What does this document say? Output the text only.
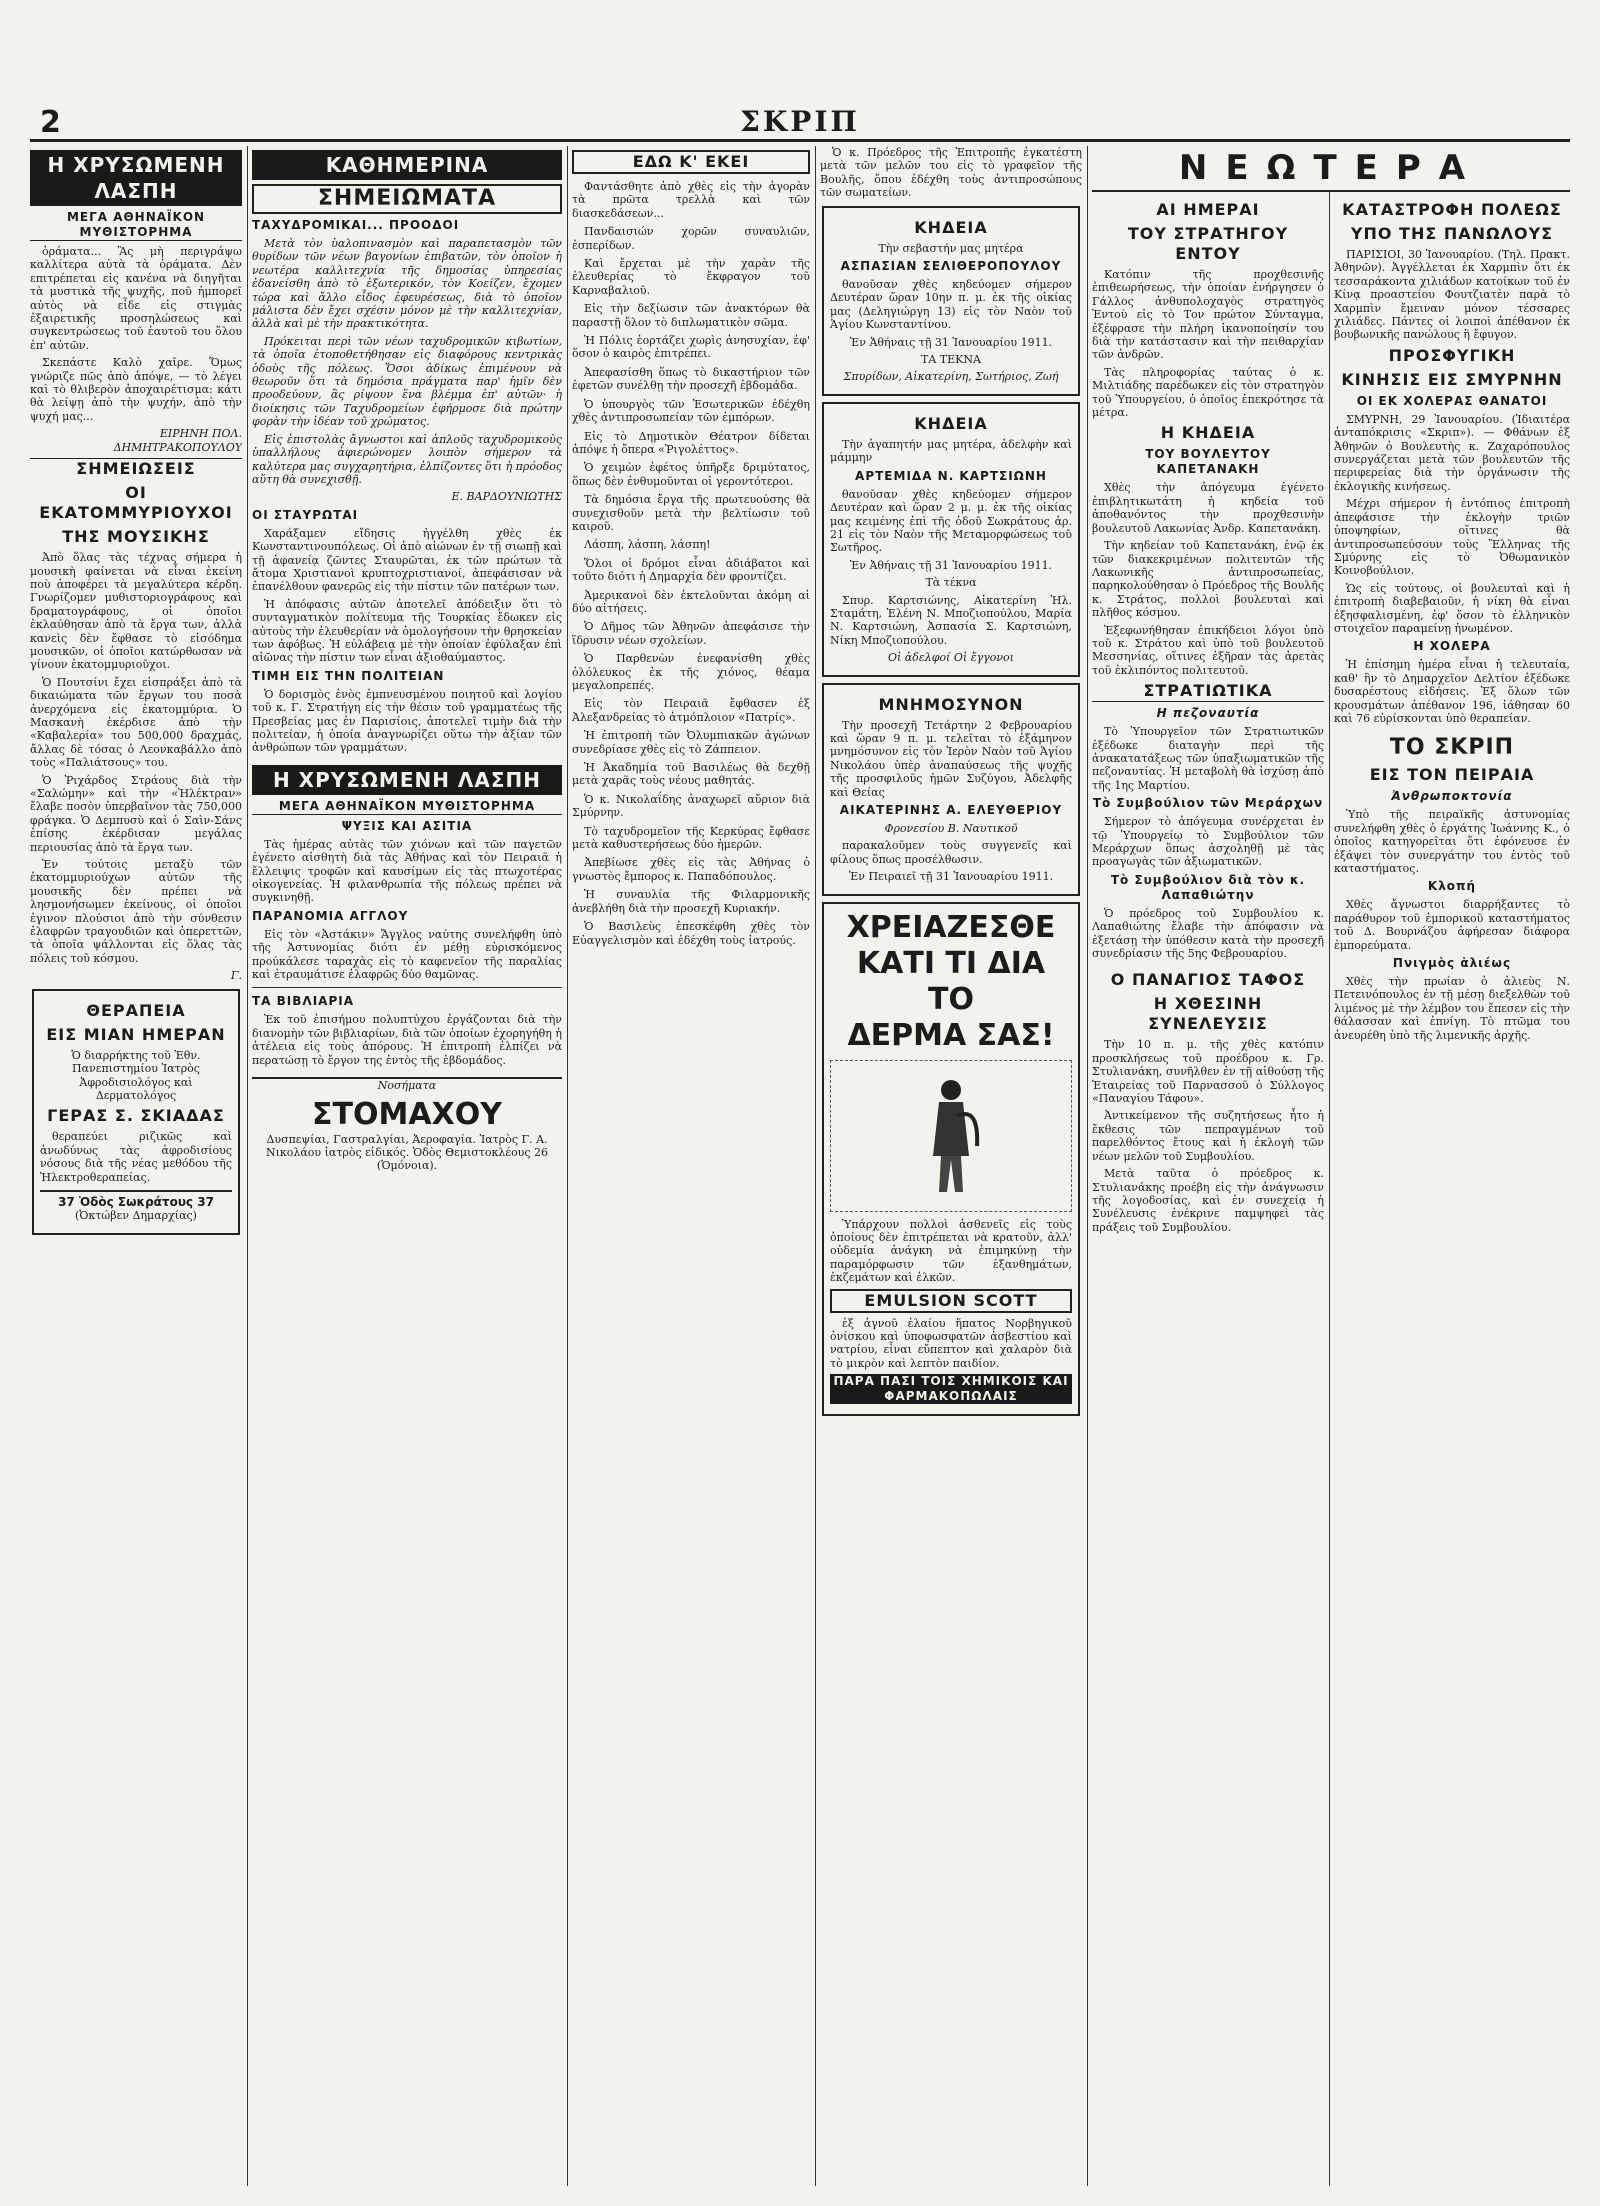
2	ΣΚΡΙΠ
Η ΧΡΥΣΩΜΕΝΗ ΛΑΣΠΗ
ΜΕΓΑ ΑΘΗΝΑΪΚΟΝ ΜΥΘΙΣΤΟΡΗΜΑ

ὁράματα... Ἂς μὴ περιγράψω καλλίτερα αὐτὰ τὰ ὁράματα. Δὲν επιτρέπεται εἰς κανένα νὰ διηγῆται τὰ μυστικὰ τῆς ψυχῆς, ποῦ ἠμπορεῖ αὐτὸς νὰ εἶδε εἰς στιγμὰς ἐξαιρετικῆς προσηλώσεως καὶ συγκεντρώσεως τοῦ ἑαυτοῦ του ὅλου ἐπ' αὐτῶν.

Σκεπάστε Καλὸ χαῖρε. Ὅμως γνώριζε πῶς ἀπὸ ἀπόψε, — τὸ λέγει καὶ τὸ θλιβερὸν ἀποχαιρέτισμα: κάτι θὰ λείψῃ ἀπὸ τὴν ψυχήν, ἀπὸ τὴν ψυχή μας...

ΕΙΡΗΝΗ ΠΟΛ. ΔΗΜΗΤΡΑΚΟΠΟΥΛΟΥ

ΣΗΜΕΙΩΣΕΙΣ
ΟΙ ΕΚΑΤΟΜΜΥΡΙΟΥΧΟΙ
ΤΗΣ ΜΟΥΣΙΚΗΣ

Ἀπὸ ὅλας τὰς τέχνας σήμερα ἡ μουσικὴ φαίνεται νὰ εἶναι ἐκείνη ποὺ ἀποφέρει τὰ μεγαλύτερα κέρδη. Γνωρίζομεν μυθιστοριογράφους καὶ δραματογράφους, οἱ ὁποῖοι ἐκλαύθησαν ἀπὸ τὰ ἔργα των, ἀλλὰ κανεὶς δὲν ἔφθασε τὸ εἰσόδημα μουσικῶν, οἱ ὁποῖοι κατώρθωσαν νὰ γίνουν ἑκατομμυριοῦχοι.

Ὁ Πουτσίνι ἔχει εἰσπράξει ἀπὸ τὰ δικαιώματα τῶν ἔργων του ποσὰ ἀνερχόμενα εἰς ἑκατομμύρια. Ὁ Μασκανὴ ἐκέρδισε ἀπὸ τὴν «Καβαλερία» του 500,000 δραχμάς, ἄλλας δὲ τόσας ὁ Λεονκαβάλλο ἀπὸ τοὺς «Παλιάτσους» του.

Ὁ Ῥιχάρδος Στράους διὰ τὴν «Σαλώμην» καὶ τὴν «Ἠλέκτραν» ἔλαβε ποσὸν ὑπερβαῖνον τὰς 750,000 φράγκα. Ὁ Δεμπυσὺ καὶ ὁ Σαὶν-Σάνς ἐπίσης ἐκέρδισαν μεγάλας περιουσίας ἀπὸ τὰ ἔργα των.

Ἐν τούτοις μεταξὺ τῶν ἐκατομμυριούχων αὐτῶν τῆς μουσικῆς δὲν πρέπει νὰ λησμονήσωμεν ἐκείνους, οἱ ὁποῖοι ἐγινον πλούσιοι ἀπὸ τὴν σύνθεσιν ἐλαφρῶν τραγουδιῶν καὶ ὀπερεττῶν, τὰ ὁποῖα ψάλλονται εἰς ὅλας τὰς πόλεις τοῦ κόσμου.

Γ.

ΘΕΡΑΠΕΙΑ
ΕΙΣ ΜΙΑΝ ΗΜΕΡΑΝ

Ὁ διαρρήκτης τοῦ Ἐθν. Πανεπιστημίου Ἰατρὸς Ἀφροδισιολόγος καὶ Δερματολόγος

ΓΕΡΑΣ Σ. ΣΚΙΑΔΑΣ

θεραπεύει ριζικῶς καὶ ἀνωδύνως τὰς ἀφροδισίους νόσους διὰ τῆς νέας μεθόδου τῆς Ἠλεκτροθεραπείας.

37 Ὁδὸς Σωκράτους 37

(Ὀκτώβεν Δημαρχίας)

ΚΑΘΗΜΕΡΙΝΑ
ΣΗΜΕΙΩΜΑΤΑ
ΤΑΧΥΔΡΟΜΙΚΑΙ... ΠΡΟΟΔΟΙ

Μετὰ τὸν ὑαλοπινασμὸν καὶ παραπετασμὸν τῶν θυρίδων τῶν νέων βαγονίων ἐπιβατῶν, τὸν ὁποῖον ἡ νεωτέρα καλλιτεχνία τῆς δημοσίας ὑπηρεσίας ἐδανείσθη ἀπὸ τὸ ἐξωτερικόν, τὸν Κοείζεν, ἔχομεν τώρα καὶ ἄλλο εἶδος ἐφευρέσεως, διὰ τὸ ὁποῖον μάλιστα δὲν ἔχει σχέσιν μόνον μὲ τὴν καλλιτεχνίαν, ἀλλὰ καὶ μὲ τὴν πρακτικότητα.

Πρόκειται περὶ τῶν νέων ταχυδρομικῶν κιβωτίων, τὰ ὁποῖα ἐτοποθετήθησαν εἰς διαφόρους κεντρικὰς ὁδοὺς τῆς πόλεως. Ὅσοι ἀδίκως ἐπιμένουν νὰ θεωροῦν ὅτι τὰ δημόσια πράγματα παρ' ἡμῖν δὲν προοδεύουν, ἂς ρίψουν ἕνα βλέμμα ἐπ' αὐτῶν· ἡ διοίκησις τῶν Ταχυδρομείων ἐφήρμοσε διὰ πρώτην φορὰν τὴν ἰδέαν τοῦ χρώματος.

Εἰς ἐπιστολὰς ἄγνωστοι καὶ ἁπλοῦς ταχυδρομικοὺς ὑπαλλήλους ἀφιερώνομεν λοιπὸν σήμερον τὰ καλύτερα μας συγχαρητήρια, ἐλπίζοντες ὅτι ἡ πρόοδος αὕτη θὰ συνεχισθῇ.

Ε. ΒΑΡΔΟΥΝΙΩΤΗΣ

ΟΙ ΣΤΑΥΡΩΤΑΙ

Χαράξαμεν εἴδησις ἠγγέλθη χθὲς ἐκ Κωνσταντινουπόλεως. Οἱ ἀπὸ αἰώνων ἐν τῇ σιωπῇ καὶ τῇ ἀφανείᾳ ζῶντες Σταυρῶται, ἐκ τῶν πρώτων τὰ ἄτομα Χριστιανοὶ κρυπτοχριστιανοί, ἀπεφάσισαν νὰ ἐπανέλθουν φανερῶς εἰς τὴν πίστιν τῶν πατέρων των.

Ἡ ἀπόφασις αὐτῶν ἀποτελεῖ ἀπόδειξιν ὅτι τὸ συνταγματικὸν πολίτευμα τῆς Τουρκίας ἔδωκεν εἰς αὐτοὺς τὴν ἐλευθερίαν νὰ ὁμολογήσουν τὴν θρησκείαν των ἀφόβως. Ἡ εὐλάβεια μὲ τὴν ὁποίαν ἐφύλαξαν ἐπὶ αἰῶνας τὴν πίστιν των εἶναι ἀξιοθαύμαστος.

ΤΙΜΗ ΕΙΣ ΤΗΝ ΠΟΛΙΤΕΙΑΝ

Ὁ δορισμὸς ἑνὸς ἐμπνευσμένου ποιητοῦ καὶ λογίου τοῦ κ. Γ. Στρατήγη εἰς τὴν θέσιν τοῦ γραμματέως τῆς Πρεσβείας μας ἐν Παρισίοις, ἀποτελεῖ τιμὴν διὰ τὴν πολιτείαν, ἡ ὁποία ἀναγνωρίζει οὕτω τὴν ἀξίαν τῶν ἀνθρώπων τῶν γραμμάτων.

Η ΧΡΥΣΩΜΕΝΗ ΛΑΣΠΗ
ΜΕΓΑ ΑΘΗΝΑΪΚΟΝ ΜΥΘΙΣΤΟΡΗΜΑ
ΨΥΞΙΣ ΚΑΙ ΑΣΙΤΙΑ

Τὰς ἡμέρας αὐτὰς τῶν χιόνων καὶ τῶν παγετῶν ἐγένετο αἰσθητὴ διὰ τὰς Ἀθήνας καὶ τὸν Πειραιᾶ ἡ ἔλλειψις τροφῶν καὶ καυσίμων εἰς τὰς πτωχοτέρας οἰκογενείας. Ἡ φιλανθρωπία τῆς πόλεως πρέπει νὰ συγκινηθῇ.

ΠΑΡΑΝΟΜΙΑ ΑΓΓΛΟΥ

Εἰς τὸν «Ἀστάκιν» Ἄγγλος ναύτης συνελήφθη ὑπὸ τῆς Ἀστυνομίας διότι ἐν μέθῃ εὑρισκόμενος προύκάλεσε ταραχὰς εἰς τὸ καφενεῖον τῆς παραλίας καὶ ἐτραυμάτισε ἐλαφρῶς δύο θαμῶνας.

ΤΑ ΒΙΒΛΙΑΡΙΑ

Ἐκ τοῦ ἐπισήμου πολυπτύχου ἐργάζονται διὰ τὴν διανομὴν τῶν βιβλιαρίων, διὰ τῶν ὁποίων ἐχορηγήθη ἡ ἀτέλεια εἰς τοὺς ἀπόρους. Ἡ ἐπιτροπὴ ἐλπίζει νὰ περατώσῃ τὸ ἔργον της ἐντὸς τῆς ἑβδομάδος.

Νοσήματα

ΣΤΟΜΑΧΟΥ

Δυσπεψίαι, Γαστραλγίαι, Ἀερoφαγία. Ἰατρὸς Γ. Α. Νικολάου ἰατρὸς εἰδικός. Ὁδὸς Θεμιστοκλέους 26 (Ὁμόνοια).

ΕΔΩ Κ' ΕΚΕΙ

Φαντάσθητε ἀπὸ χθὲς εἰς τὴν ἀγορὰν τὰ πρῶτα τρελλὰ καὶ τῶν διασκεδάσεων...

Πανδαισιών χορῶν συναυλιῶν, ἐσπερίδων.

Καὶ ἔρχεται μὲ τὴν χαρὰν τῆς ἐλευθερίας τὸ ἔκφραγον τοῦ Καρναβαλιοῦ.

Εἰς τὴν δεξίωσιν τῶν ἀνακτόρων θὰ παραστῇ ὅλον τὸ διπλωματικὸν σῶμα.

Ἡ Πόλις ἑορτάζει χωρὶς ἀνησυχίαν, ἐφ' ὅσον ὁ καιρὸς ἐπιτρέπει.

Ἀπεφασίσθη ὅπως τὸ δικαστήριον τῶν ἐφετῶν συνέλθῃ τὴν προσεχῆ ἑβδομάδα.

Ὁ ὑπουργὸς τῶν Ἐσωτερικῶν ἐδέχθη χθὲς ἀντιπροσωπείαν τῶν ἐμπόρων.

Εἰς τὸ Δημοτικὸν Θέατρον δίδεται ἀπόψε ἡ ὄπερα «Ῥιγολέττος».

Ὁ χειμὼν ἐφέτος ὑπῆρξε δριμύτατος, ὅπως δὲν ἐνθυμοῦνται οἱ γεροντότεροι.

Τὰ δημόσια ἔργα τῆς πρωτευούσης θὰ συνεχισθοῦν μετὰ τὴν βελτίωσιν τοῦ καιροῦ.

Λάσπη, λάσπη, λάσπη!

Ὅλοι οἱ δρόμοι εἶναι ἀδιάβατοι καὶ τοῦτο διότι ἡ Δημαρχία δὲν φροντίζει.

Ἀμερικανοὶ δὲν ἐκτελοῦνται ἀκόμη αἱ δύο αἰτήσεις.

Ὁ Δῆμος τῶν Ἀθηνῶν ἀπεφάσισε τὴν ἵδρυσιν νέων σχολείων.

Ὁ Παρθενὼν ἐνεφανίσθη χθὲς ὁλόλευκος ἐκ τῆς χιόνος, θέαμα μεγαλοπρεπές.

Εἰς τὸν Πειραιᾶ ἔφθασεν ἐξ Ἀλεξανδρείας τὸ ἀτμόπλοιον «Πατρίς».

Ἡ ἐπιτροπὴ τῶν Ὀλυμπιακῶν ἀγώνων συνεδρίασε χθὲς εἰς τὸ Ζάππειον.

Ἡ Ἀκαδημία τοῦ Βασιλέως θὰ δεχθῇ μετὰ χαρᾶς τοὺς νέους μαθητάς.

Ὁ κ. Νικολαΐδης ἀναχωρεῖ αὔριον διὰ Σμύρνην.

Τὸ ταχυδρομεῖον τῆς Κερκύρας ἔφθασε μετὰ καθυστερήσεως δύο ἡμερῶν.

Ἀπεβίωσε χθὲς εἰς τὰς Ἀθήνας ὁ γνωστὸς ἔμπορος κ. Παπαδόπουλος.

Ἡ συναυλία τῆς Φιλαρμονικῆς ἀνεβλήθη διὰ τὴν προσεχῆ Κυριακήν.

Ὁ Βασιλεὺς ἐπεσκέφθη χθὲς τὸν Εὐαγγελισμὸν καὶ ἐδέχθη τοὺς ἰατρούς.

Ὁ κ. Πρόεδρος τῆς Ἐπιτροπῆς ἐγκατέστη μετὰ τῶν μελῶν του εἰς τὸ γραφεῖον τῆς Βουλῆς, ὅπου ἐδέχθη τοὺς ἀντιπροσώπους τῶν σωματείων.

ΚΗΔΕΙΑ

Τὴν σεβαστήν μας μητέρα

ΑΣΠΑΣΙΑΝ ΣΕΛΙΘΕΡΟΠΟΥΛΟΥ

θανοῦσαν χθὲς κηδεύομεν σήμερον Δευτέραν ὥραν 10ην π. μ. ἐκ τῆς οἰκίας μας (Δεληγιώργη 13) εἰς τὸν Ναὸν τοῦ Ἁγίου Κωνσταντίνου.

Ἐν Ἀθήναις τῇ 31 Ἰανουαρίου 1911.

ΤΑ ΤΕΚΝΑ

Σπυρίδων, Αἰκατερίνη, Σωτήριος, Ζωή

ΚΗΔΕΙΑ

Τὴν ἀγαπητήν μας μητέρα, ἀδελφὴν καὶ μάμμην

ΑΡΤΕΜΙΔΑ Ν. ΚΑΡΤΣΙΩΝΗ

θανοῦσαν χθὲς κηδεύομεν σήμερον Δευτέραν καὶ ὥραν 2 μ. μ. ἐκ τῆς οἰκίας μας κειμένης ἐπὶ τῆς ὁδοῦ Σωκράτους ἀρ. 21 εἰς τὸν Ναὸν τῆς Μεταμορφώσεως τοῦ Σωτῆρος.

Ἐν Ἀθήναις τῇ 31 Ἰανουαρίου 1911.

Τὰ τέκνα

Σπυρ. Καρτσιώνης, Αἰκατερίνη Ἠλ. Σταμάτη, Ἑλένη Ν. Μποζιοπούλου, Μαρία Ν. Καρτσιώνη, Ἀσπασία Σ. Καρτσιώνη, Νίκη Μποζιοπούλου.

Οἱ ἀδελφοί Οἱ ἔγγονοι

ΜΝΗΜΟΣΥΝΟΝ

Τὴν προσεχῆ Τετάρτην 2 Φεβρουαρίου καὶ ὥραν 9 π. μ. τελεῖται τὸ ἑξάμηνον μνημόσυνον εἰς τὸν Ἱερὸν Ναὸν τοῦ Ἁγίου Νικολάου ὑπὲρ ἀναπαύσεως τῆς ψυχῆς τῆς προσφιλοῦς ἡμῶν Συζύγου, Ἀδελφῆς καὶ Θείας

ΑΙΚΑΤΕΡΙΝΗΣ Α. ΕΛΕΥΘΕΡΙΟΥ

Φρονεσίου Β. Ναυτικοῦ

παρακαλοῦμεν τοὺς συγγενεῖς καὶ φίλους ὅπως προσέλθωσιν.

Ἐν Πειραιεῖ τῇ 31 Ἰανουαρίου 1911.

ΧΡΕΙΑΖΕΣΘΕ
ΚΑΤΙ ΤΙ ΔΙΑ ΤΟ
ΔΕΡΜΑ ΣΑΣ!

Ὑπάρχουν πολλοὶ ἀσθενεῖς εἰς τοὺς ὁποίους δὲν ἐπιτρέπεται νὰ κρατοῦν, ἀλλ' οὐδεμία ἀνάγκη νὰ ἐπιμηκύνῃ τὴν παραμόρφωσιν τῶν ἐξανθημάτων, ἐκζεμάτων καὶ ἑλκῶν.

EMULSION SCOTT

ἐξ ἀγνοῦ ἐλαίου ἥπατος Νορβηγικοῦ ὀνίσκου καὶ ὑποφωσφατῶν ἀσβεστίου καὶ νατρίου, εἶναι εὔπεπτον καὶ χαλαρὸν διὰ τὸ μικρὸν καὶ λεπτὸν παιδίον.

ΠΑΡΑ ΠΑΣΙ ΤΟΙΣ ΧΗΜΙΚΟΙΣ ΚΑΙ ΦΑΡΜΑΚΟΠΩΛΑΙΣ
ΝΕΩΤΕΡΑ
ΑΙ ΗΜΕΡΑΙ
ΤΟΥ ΣΤΡΑΤΗΓΟΥ ΕΝΤΟΥ

Κατόπιν τῆς προχθεσινῆς ἐπιθεωρήσεως, τὴν ὁποίαν ἐνήργησεν ὁ Γάλλος ἀνθυπολοχαγὸς στρατηγὸς Ἐντοὺ εἰς τὸ Τον πρώτον Σύνταγμα, ἐξέφρασε τὴν πλήρη ἱκανοποίησίν του διὰ τὴν κατάστασιν καὶ τὴν πειθαρχίαν τῶν ἀνδρῶν.

Τὰς πληροφορίας ταύτας ὁ κ. Μιλτιάδης παρέδωκεν εἰς τὸν στρατηγὸν τοῦ Ὑπουργείου, ὁ ὁποῖος ἐπεκρότησε τὰ μέτρα.

Η ΚΗΔΕΙΑ
ΤΟΥ ΒΟΥΛΕΥΤΟΥ ΚΑΠΕΤΑΝΑΚΗ

Χθὲς τὴν ἀπόγευμα ἐγένετο ἐπιβλητικωτάτη ἡ κηδεία τοῦ ἀποθανόντος τὴν προχθεσινὴν βουλευτοῦ Λακωνίας Ἀνδρ. Καπετανάκη.

Τὴν κηδείαν τοῦ Καπετανάκη, ἐνῷ ἐκ τῶν διακεκριμένων πολιτευτῶν τῆς Λακωνικῆς ἀντιπροσωπείας, παρηκολούθησαν ὁ Πρόεδρος τῆς Βουλῆς κ. Στράτος, πολλοὶ βουλευταὶ καὶ πλῆθος κόσμου.

Ἐξεφωνήθησαν ἐπικήδειοι λόγοι ὑπὸ τοῦ κ. Στράτου καὶ ὑπὸ τοῦ βουλευτοῦ Μεσσηνίας, οἵτινες ἐξῆραν τὰς ἀρετὰς τοῦ ἐκλιπόντος πολιτευτοῦ.

ΣΤΡΑΤΙΩΤΙΚΑ
Η πεζοναυτία

Τὸ Ὑπουργεῖον τῶν Στρατιωτικῶν ἐξέδωκε διαταγὴν περὶ τῆς ἀνακατατάξεως τῶν ὑπαξιωματικῶν τῆς πεζοναυτίας. Ἡ μεταβολὴ θὰ ἰσχύσῃ ἀπὸ τῆς 1ης Μαρτίου.

Τὸ Συμβούλιον τῶν Μεράρχων

Σήμερον τὸ ἀπόγευμα συνέρχεται ἐν τῷ Ὑπουργείῳ τὸ Συμβούλιον τῶν Μεράρχων ὅπως ἀσχοληθῇ μὲ τὰς προαγωγὰς τῶν ἀξιωματικῶν.

Τὸ Συμβούλιον διὰ τὸν κ. Λαπαθιώτην

Ὁ πρόεδρος τοῦ Συμβουλίου κ. Λαπαθιώτης ἔλαβε τὴν ἀπόφασιν νὰ ἐξετάσῃ τὴν ὑπόθεσιν κατὰ τὴν προσεχῆ συνεδρίασιν τῆς 5ης Φεβρουαρίου.

Ο ΠΑΝΑΓΙΟΣ ΤΑΦΟΣ
Η ΧΘΕΣΙΝΗ ΣΥΝΕΛΕΥΣΙΣ

Τὴν 10 π. μ. τῆς χθὲς κατόπιν προσκλήσεως τοῦ προέδρου κ. Γρ. Στυλιανάκη, συνῆλθεν ἐν τῇ αἰθούσῃ τῆς Ἑταιρείας τοῦ Παρνασσοῦ ὁ Σύλλογος «Παναγίου Τάφου».

Ἀντικείμενον τῆς συζητήσεως ἦτο ἡ ἔκθεσις τῶν πεπραγμένων τοῦ παρελθόντος ἔτους καὶ ἡ ἐκλογὴ τῶν νέων μελῶν τοῦ Συμβουλίου.

Μετὰ ταῦτα ὁ πρόεδρος κ. Στυλιανάκης προέβη εἰς τὴν ἀνάγνωσιν τῆς λογοδοσίας, καὶ ἐν συνεχείᾳ ἡ Συνέλευσις ἐνέκρινε παμψηφεὶ τὰς πράξεις τοῦ Συμβουλίου.

ΚΑΤΑΣΤΡΟΦΗ ΠΟΛΕΩΣ
ΥΠΟ ΤΗΣ ΠΑΝΩΛΟΥΣ

ΠΑΡΙΣΙΟΙ, 30 Ἰανουαρίου. (Τηλ. Πρακτ. Ἀθηνῶν). Ἀγγέλλεται ἐκ Χαρμπὶν ὅτι ἐκ τεσσαράκοντα χιλιάδων κατοίκων τοῦ ἐν Κίνᾳ προαστείου Φουτζιατὲν παρὰ τὸ Χαρμπὶν ἔμειναν μόνον τέσσαρες χιλιάδες. Πάντες οἱ λοιποὶ ἀπέθανον ἐκ βουβωνικῆς πανώλους ἢ ἔφυγον.

ΠΡΟΣΦΥΓΙΚΗ
ΚΙΝΗΣΙΣ ΕΙΣ ΣΜΥΡΝΗΝ
ΟΙ ΕΚ ΧΟΛΕΡΑΣ ΘΑΝΑΤΟΙ

ΣΜΥΡΝΗ, 29 Ἰανουαρίου. (Ἰδιαιτέρα ἀνταπόκρισις «Σκριπ»). — Φθάνων ἐξ Ἀθηνῶν ὁ Βουλευτὴς κ. Ζαχαρόπουλος συνεργάζεται μετὰ τῶν βουλευτῶν τῆς περιφερείας διὰ τὴν ὀργάνωσιν τῆς ἐκλογικῆς κινήσεως.

Μέχρι σήμερον ἡ ἐντόπιος ἐπιτροπὴ ἀπεφάσισε τὴν ἐκλογὴν τριῶν ὑποψηφίων, οἵτινες θὰ ἀντιπροσωπεύσουν τοὺς Ἕλληνας τῆς Σμύρνης εἰς τὸ Ὀθωμανικὸν Κοινοβούλιον.

Ὡς εἰς τούτους, οἱ βουλευταὶ καὶ ἡ ἐπιτροπὴ διαβεβαιοῦν, ἡ νίκη θὰ εἶναι ἐξησφαλισμένη, ἐφ' ὅσον τὸ ἐλληνικὸν στοιχεῖον παραμείνῃ ἡνωμένον.

Η ΧΟΛΕΡΑ

Ἡ ἐπίσημη ἡμέρα εἶναι ἡ τελευταία, καθ' ἣν τὸ Δημαρχεῖον Δελτίον ἐξέδωκε δυσαρέστους εἰδήσεις. Ἐξ ὅλων τῶν κρουσμάτων ἀπέθανον 196, ἰάθησαν 60 καὶ 76 εὑρίσκονται ὑπὸ θεραπείαν.

ΤΟ ΣΚΡΙΠ
ΕΙΣ ΤΟΝ ΠΕΙΡΑΙΑ
Ἀνθρωποκτονία

Ὑπὸ τῆς πειραϊκῆς ἀστυνομίας συνελήφθη χθὲς ὁ ἐργάτης Ἰωάννης Κ., ὁ ὁποῖος κατηγορεῖται ὅτι ἐφόνευσε ἐν ἐξάψει τὸν συνεργάτην του ἐντὸς τοῦ καταστήματος.

Κλοπή

Χθὲς ἄγνωστοι διαρρήξαντες τὸ παράθυρον τοῦ ἐμπορικοῦ καταστήματος τοῦ Δ. Βουρνάζου ἀφήρεσαν διάφορα ἐμπορεύματα.

Πνιγμὸς ἁλιέως

Χθὲς τὴν πρωίαν ὁ ἁλιεὺς Ν. Πετεινόπουλος ἐν τῇ μέσῃ διεξελθὼν τοῦ λιμένος μὲ τὴν λέμβον του ἔπεσεν εἰς τὴν θάλασσαν καὶ ἐπνίγη. Τὸ πτῶμα του ἀνευρέθη ὑπὸ τῆς λιμενικῆς ἀρχῆς.
